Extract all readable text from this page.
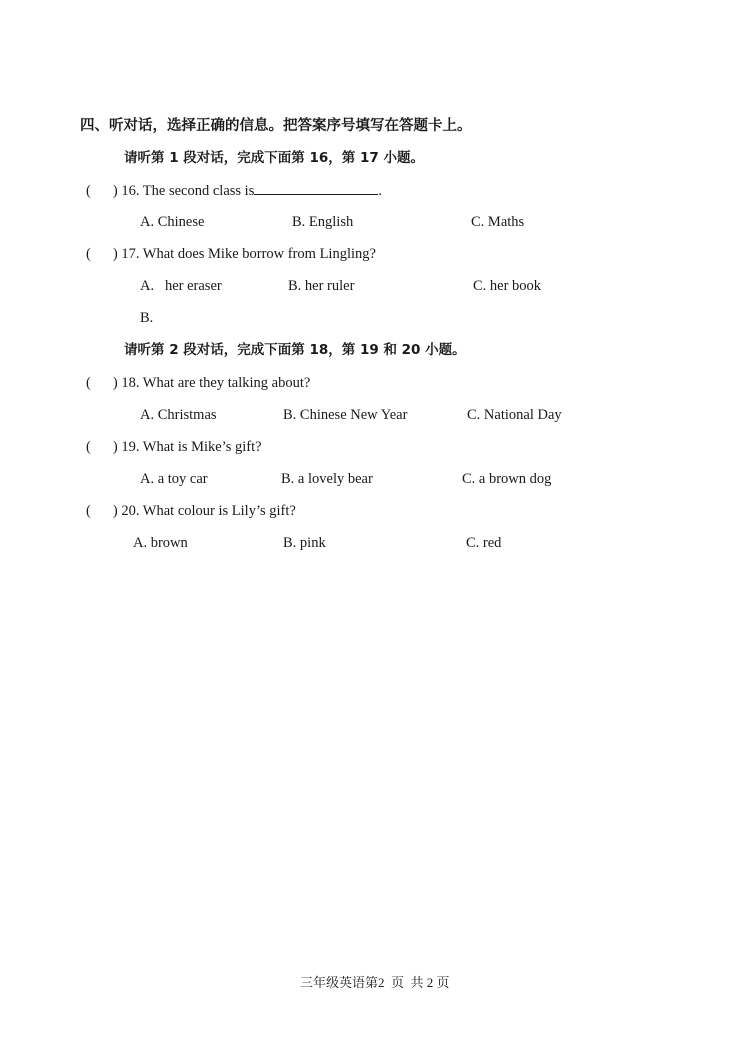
四、听对话，选择正确的信息。把答案序号填写在答题卡上。
请听第 1 段对话，完成下面第 16，第 17 小题。
( ) 16. The second class is	.
A. Chinese	B. English	C. Maths
( ) 17. What does Mike borrow from Lingling?
A.   her eraser	B. her ruler	C. her book
B.
请听第 2 段对话，完成下面第 18，第 19 和 20 小题。
( ) 18. What are they talking about?
A. Christmas	B. Chinese New Year	C. National Day
( ) 19. What is Mike’s gift?
A. a toy car	B. a lovely bear	C. a brown dog
( ) 20. What colour is Lily’s gift?
A. brown	B. pink	C. red
三年级英语第2  页  共 2 页
